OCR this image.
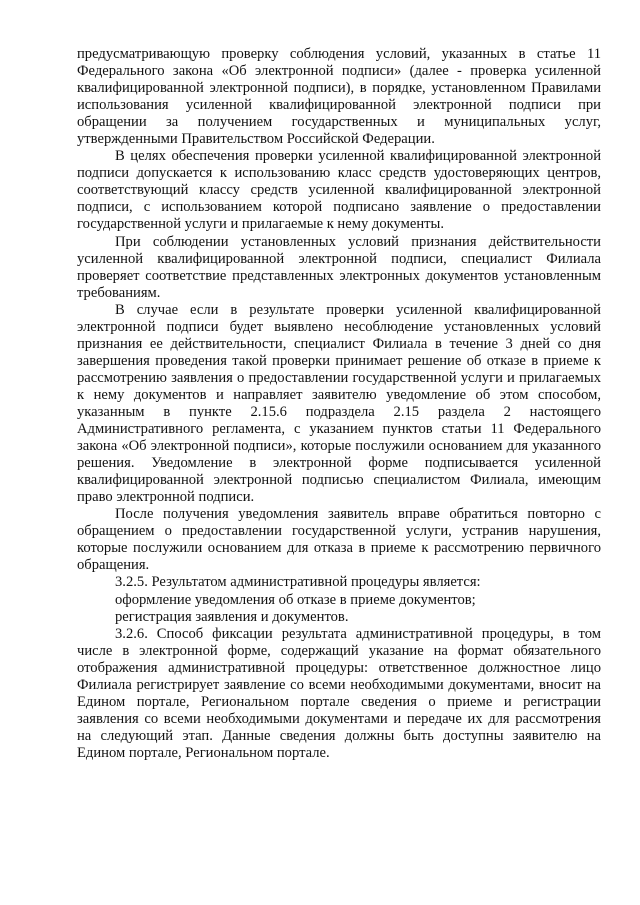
предусматривающую проверку соблюдения условий, указанных в статье 11 Федерального закона «Об электронной подписи» (далее - проверка усиленной квалифицированной электронной подписи), в порядке, установленном Правилами использования усиленной квалифицированной электронной подписи при обращении за получением государственных и муниципальных услуг, утвержденными Правительством Российской Федерации.

В целях обеспечения проверки усиленной квалифицированной электронной подписи допускается к использованию класс средств удостоверяющих центров, соответствующий классу средств усиленной квалифицированной электронной подписи, с использованием которой подписано заявление о предоставлении государственной услуги и прилагаемые к нему документы.

При соблюдении установленных условий признания действительности усиленной квалифицированной электронной подписи, специалист Филиала проверяет соответствие представленных электронных документов установленным требованиям.

В случае если в результате проверки усиленной квалифицированной электронной подписи будет выявлено несоблюдение установленных условий признания ее действительности, специалист Филиала в течение 3 дней со дня завершения проведения такой проверки принимает решение об отказе в приеме к рассмотрению заявления о предоставлении государственной услуги и прилагаемых к нему документов и направляет заявителю уведомление об этом способом, указанным в пункте 2.15.6 подраздела 2.15 раздела 2 настоящего Административного регламента, с указанием пунктов статьи 11 Федерального закона «Об электронной подписи», которые послужили основанием для указанного решения. Уведомление в электронной форме подписывается усиленной квалифицированной электронной подписью специалистом Филиала, имеющим право электронной подписи.

После получения уведомления заявитель вправе обратиться повторно с обращением о предоставлении государственной услуги, устранив нарушения, которые послужили основанием для отказа в приеме к рассмотрению первичного обращения.

3.2.5. Результатом административной процедуры является:

оформление уведомления об отказе в приеме документов;

регистрация заявления и документов.

3.2.6. Способ фиксации результата административной процедуры, в том числе в электронной форме, содержащий указание на формат обязательного отображения административной процедуры: ответственное должностное лицо Филиала регистрирует заявление со всеми необходимыми документами, вносит на Едином портале, Региональном портале сведения о приеме и регистрации заявления со всеми необходимыми документами и передаче их для рассмотрения на следующий этап. Данные сведения должны быть доступны заявителю на Едином портале, Региональном портале.
